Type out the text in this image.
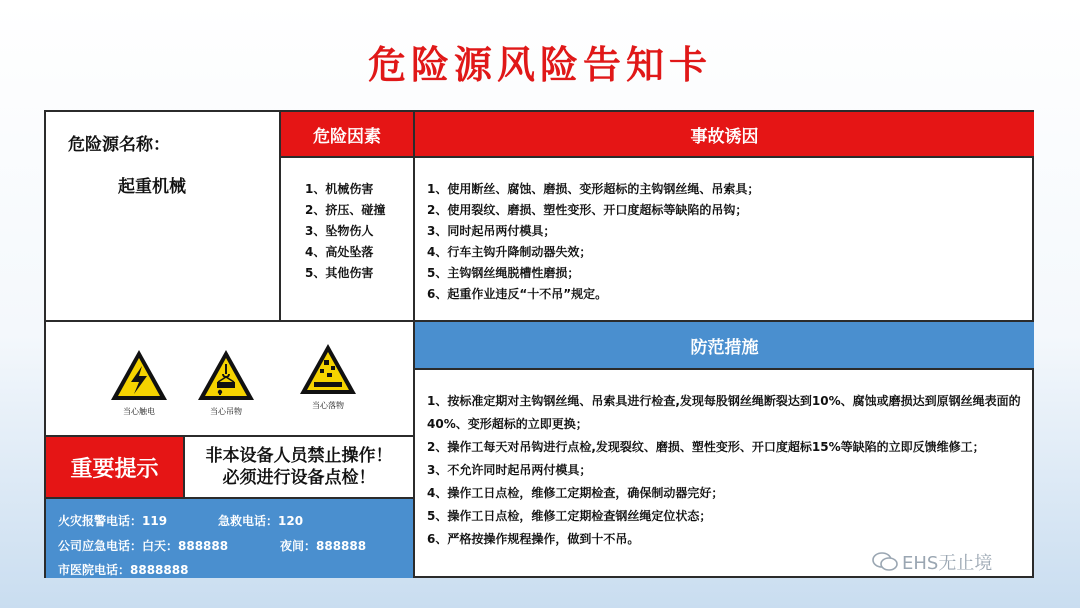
危险源风险告知卡
危险源名称：
起重机械
危险因素
1、机械伤害
2、挤压、碰撞
3、坠物伤人
4、高处坠落
5、其他伤害
事故诱因
1、使用断丝、腐蚀、磨损、变形超标的主钩钢丝绳、吊索具；
2、使用裂纹、磨损、塑性变形、开口度超标等缺陷的吊钩；
3、同时起吊两付模具；
4、行车主钩升降制动器失效；
5、主钩钢丝绳脱槽性磨损；
6、起重作业违反“十不吊”规定。
当心触电	当心吊物
当心落物
重要提示
非本设备人员禁止操作！
必须进行设备点检！
火灾报警电话：119	急救电话：120
公司应急电话：白天：888888	夜间：888888
市医院电话：8888888
防范措施
1、按标准定期对主钩钢丝绳、吊索具进行检查,发现每股钢丝绳断裂达到10%、腐蚀或磨损达到原钢丝绳表面的40%、变形超标的立即更换；
2、操作工每天对吊钩进行点检,发现裂纹、磨损、塑性变形、开口度超标15%等缺陷的立即反馈维修工；
3、不允许同时起吊两付模具；
4、操作工日点检，维修工定期检查，确保制动器完好；
5、操作工日点检，维修工定期检查钢丝绳定位状态；
6、严格按操作规程操作，做到十不吊。
EHS无止境
